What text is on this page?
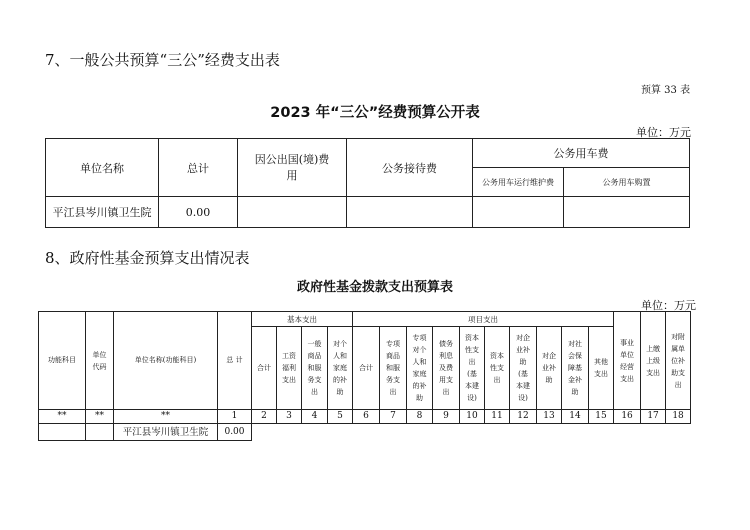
7、一般公共预算“三公”经费支出表
预算 33 表
2023 年“三公”经费预算公开表
单位：万元
单位名称	总计	因公出国(境)费用	公务接待费	公务用车费	
				公务用车运行维护费	公务用车购置
平江县岑川镇卫生院	0.00				
8、政府性基金预算支出情况表
政府性基金拨款支出预算表
单位：万元
功能科目	单位代码	单位名称(功能科目)	总 计	基本支出				项目支出										事业单位经营支出	上缴上级支出	对附属单位补助支出
				合计	工资福利支出	一般商品和服务支出	对个人和家庭的补助	合计	专项商品和服务支出	专项对个人和家庭的补助	债务利息及费用支出	资本性支出(基本建设)	资本性支出	对企业补助(基本建设)	对企业补助	对社会保障基金补助	其他支出			
**	**	**	1	2	3	4	5	6	7	8	9	10	11	12	13	14	15	16	17	18
		平江县岑川镇卫生院	0.00																	
